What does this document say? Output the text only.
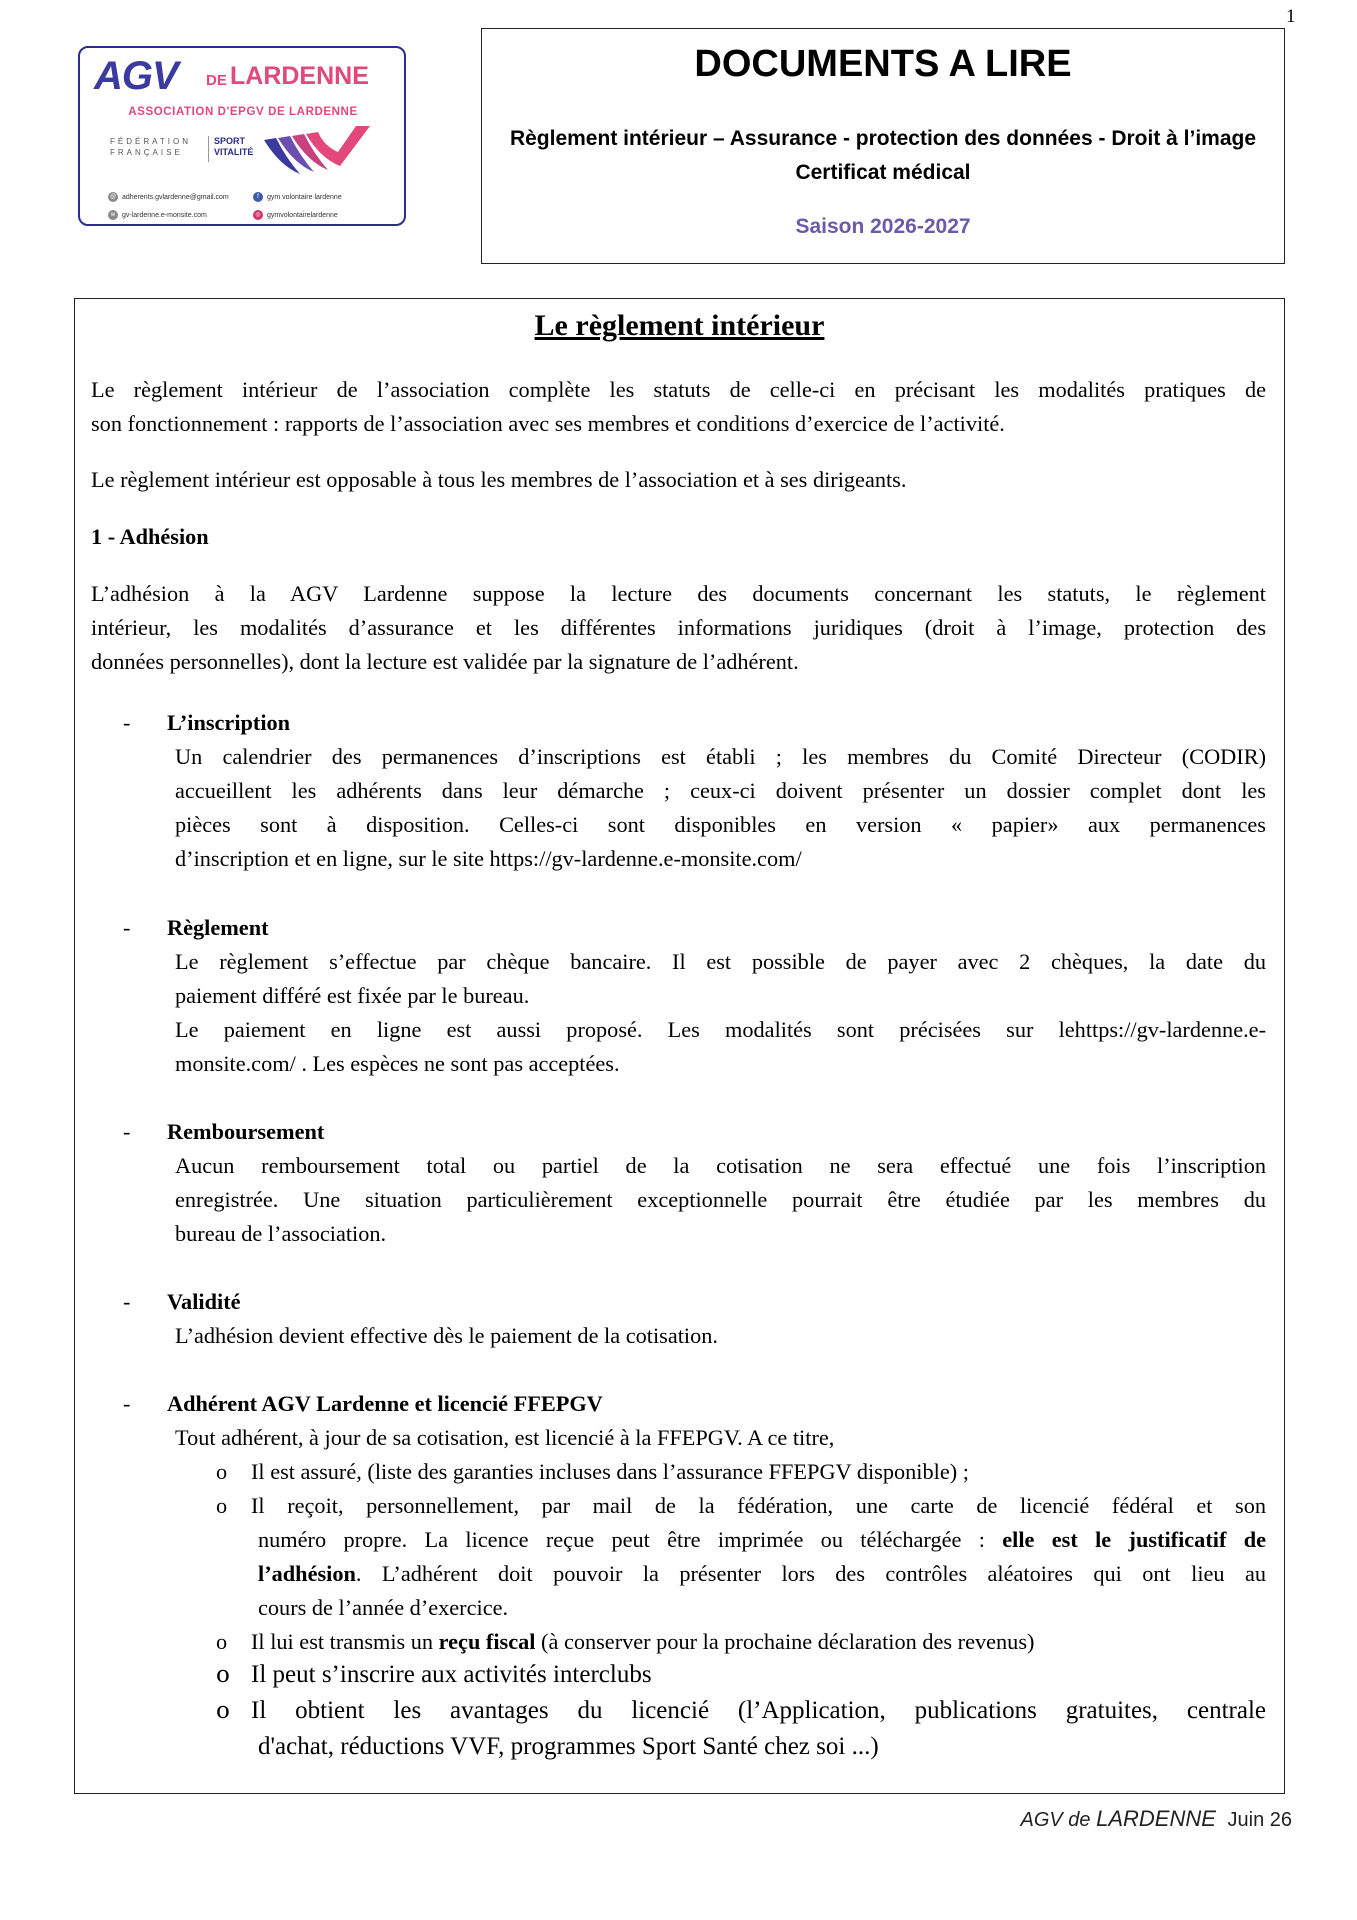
1
AGV DE LARDENNE
ASSOCIATION D'EPGV DE LARDENNE
FÉDÉRATION FRANÇAISE
SPORT VITALITÉ
@ adherents.gvlardenne@gmail.com	f	gym volontaire lardenne
w gv-lardenne.e-monsite.com	◎ gymvolontairelardenne
DOCUMENTS A LIRE
Règlement intérieur – Assurance - protection des données - Droit à l’image
Certificat médical
Saison 2026-2027
Le règlement intérieur
Le règlement intérieur de l’association complète les statuts de celle-ci en précisant les modalités pratiques de
son fonctionnement : rapports de l’association avec ses membres et conditions d’exercice de l’activité.
Le règlement intérieur est opposable à tous les membres de l’association et à ses dirigeants.
1 - Adhésion
L’adhésion à la AGV Lardenne suppose la lecture des documents concernant les statuts, le règlement
intérieur, les modalités d’assurance et les différentes informations juridiques (droit à l’image, protection des
données personnelles), dont la lecture est validée par la signature de l’adhérent.
- L’inscription
Un calendrier des permanences d’inscriptions est établi ; les membres du Comité Directeur (CODIR)
accueillent les adhérents dans leur démarche ; ceux-ci doivent présenter un dossier complet dont les
pièces sont à disposition. Celles-ci sont disponibles en version « papier» aux permanences
d’inscription et en ligne, sur le site https://gv-lardenne.e-monsite.com/
- Règlement
Le règlement s’effectue par chèque bancaire. Il est possible de payer avec 2 chèques, la date du
paiement différé est fixée par le bureau.
Le paiement en ligne est aussi proposé. Les modalités sont précisées sur lehttps://gv-lardenne.e-
monsite.com/ . Les espèces ne sont pas acceptées.
- Remboursement
Aucun remboursement total ou partiel de la cotisation ne sera effectué une fois l’inscription
enregistrée. Une situation particulièrement exceptionnelle pourrait être étudiée par les membres du
bureau de l’association.
- Validité
L’adhésion devient effective dès le paiement de la cotisation.
- Adhérent AGV Lardenne et licencié FFEPGV
Tout adhérent, à jour de sa cotisation, est licencié à la FFEPGV. A ce titre,
o Il est assuré, (liste des garanties incluses dans l’assurance FFEPGV disponible) ;
o Il reçoit, personnellement, par mail de la fédération, une carte de licencié fédéral et son
numéro propre. La licence reçue peut être imprimée ou téléchargée : elle est le justificatif de
l’adhésion. L’adhérent doit pouvoir la présenter lors des contrôles aléatoires qui ont lieu au
cours de l’année d’exercice.
o Il lui est transmis un reçu fiscal (à conserver pour la prochaine déclaration des revenus)
o Il peut s’inscrire aux activités interclubs
o Il obtient les avantages du licencié (l’Application, publications gratuites, centrale
d'achat, réductions VVF, programmes Sport Santé chez soi ...)
AGV de LARDENNE Juin 26
